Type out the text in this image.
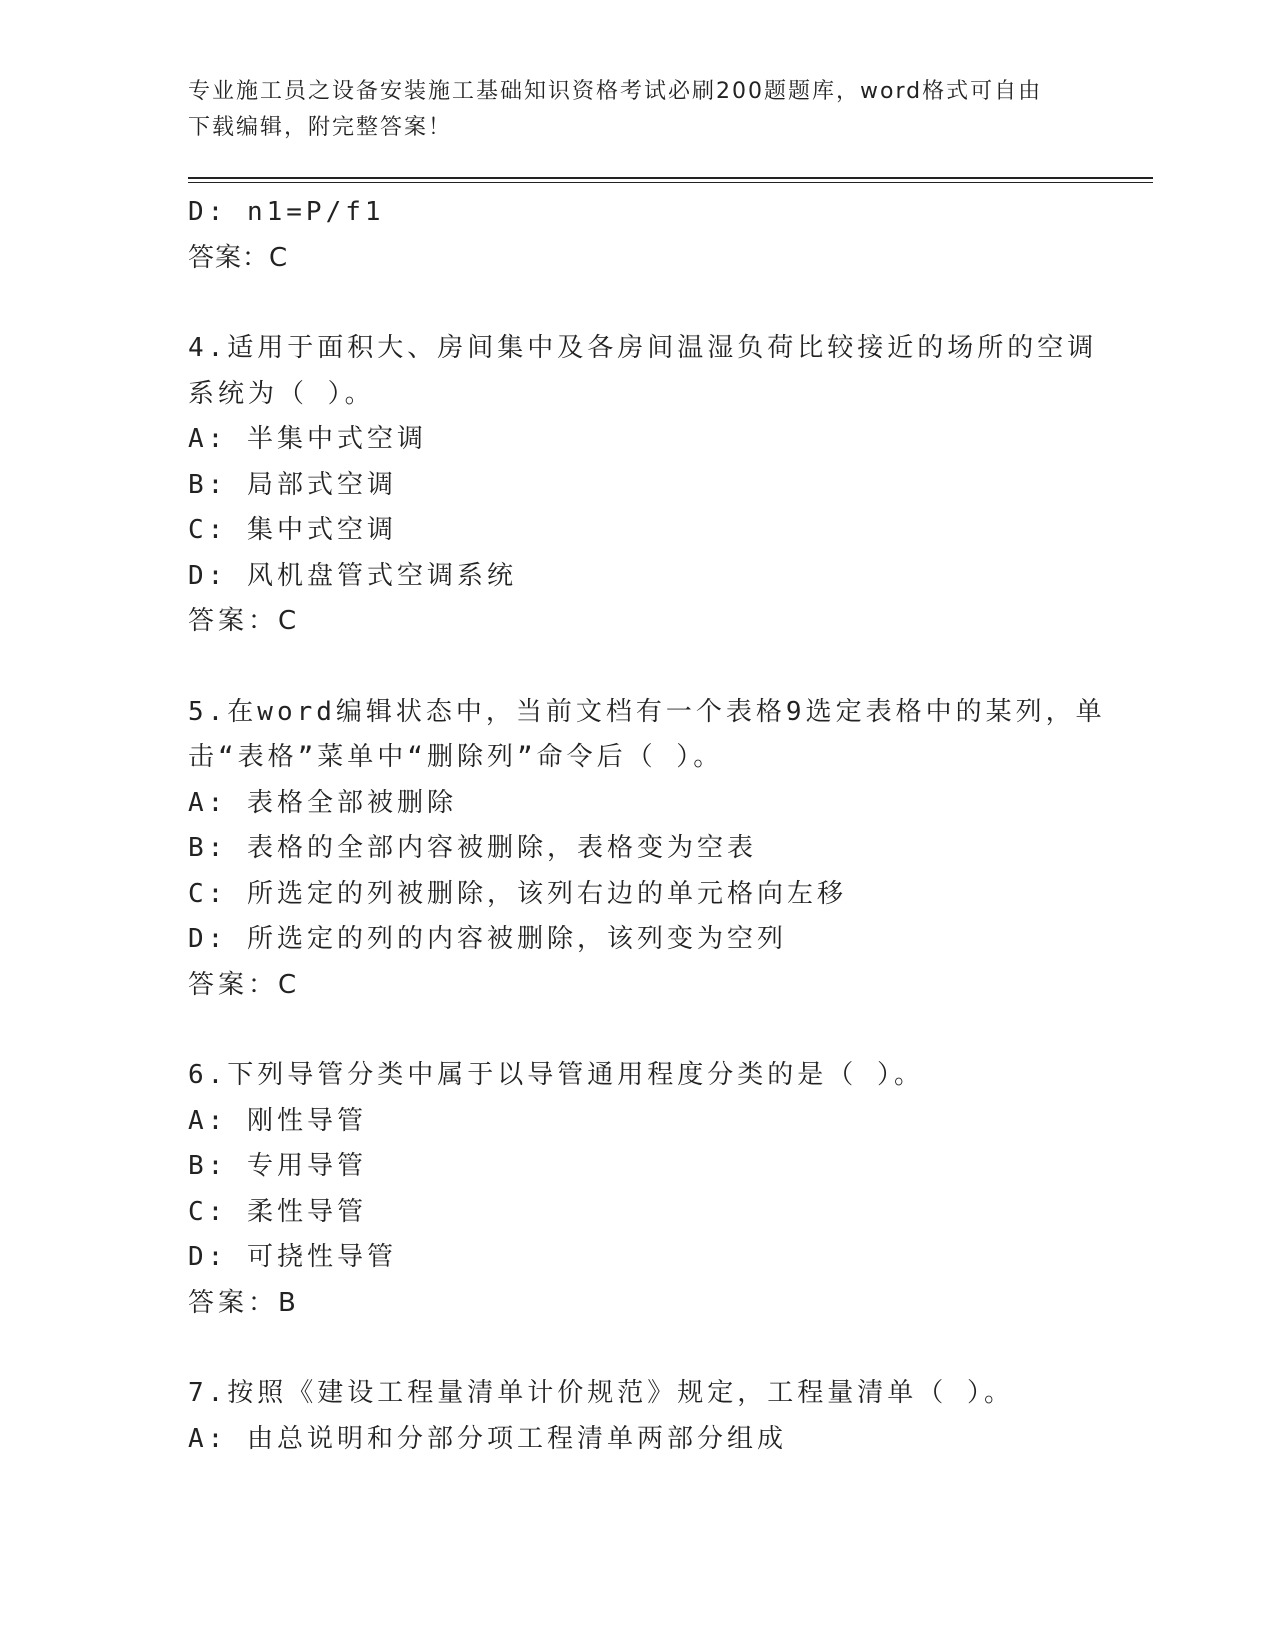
专业施工员之设备安装施工基础知识资格考试必刷200题题库，word格式可自由
下载编辑，附完整答案！
D: n1=P/f1
答案：C
4.适用于面积大、房间集中及各房间温湿负荷比较接近的场所的空调
系统为（ ）。
A: 半集中式空调
B: 局部式空调
C: 集中式空调
D: 风机盘管式空调系统
答案：C
5.在word编辑状态中，当前文档有一个表格9选定表格中的某列，单
击“表格”菜单中“删除列”命令后（ ）。
A: 表格全部被删除
B: 表格的全部内容被删除，表格变为空表
C: 所选定的列被删除，该列右边的单元格向左移
D: 所选定的列的内容被删除，该列变为空列
答案：C
6.下列导管分类中属于以导管通用程度分类的是（ ）。
A: 刚性导管
B: 专用导管
C: 柔性导管
D: 可挠性导管
答案：B
7.按照《建设工程量清单计价规范》规定，工程量清单（ ）。
A: 由总说明和分部分项工程清单两部分组成
